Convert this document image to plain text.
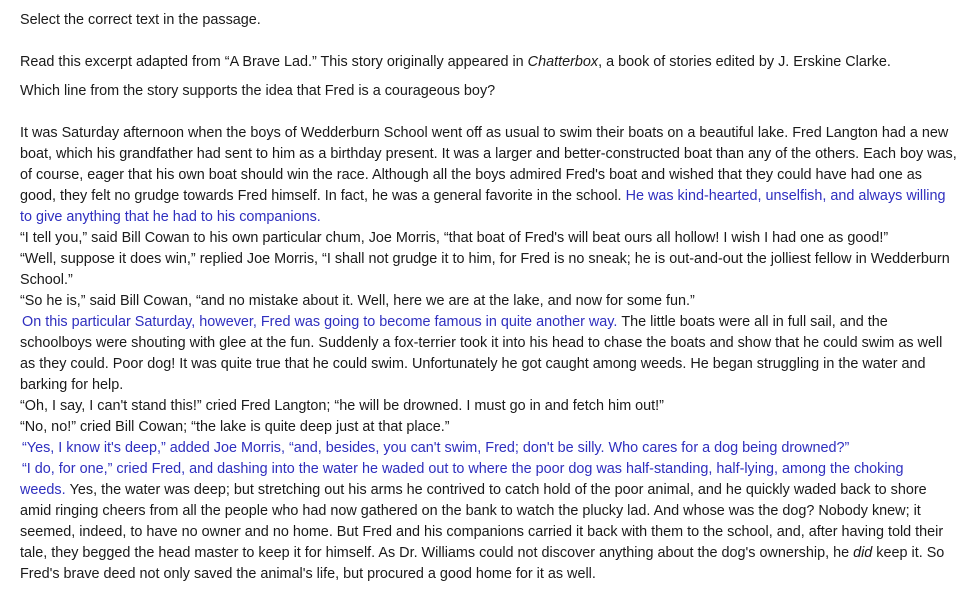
Select the correct text in the passage.

Read this excerpt adapted from “A Brave Lad.” This story originally appeared in Chatterbox, a book of stories edited by J. Erskine Clarke.

Which line from the story supports the idea that Fred is a courageous boy?

It was Saturday afternoon when the boys of Wedderburn School went off as usual to swim their boats on a beautiful lake. Fred Langton had a new boat, which his grandfather had sent to him as a birthday present. It was a larger and better-constructed boat than any of the others. Each boy was, of course, eager that his own boat should win the race. Although all the boys admired Fred's boat and wished that they could have had one as good, they felt no grudge towards Fred himself. In fact, he was a general favorite in the school. He was kind-hearted, unselfish, and always willing to give anything that he had to his companions.

“I tell you,” said Bill Cowan to his own particular chum, Joe Morris, “that boat of Fred's will beat ours all hollow! I wish I had one as good!”

“Well, suppose it does win,” replied Joe Morris, “I shall not grudge it to him, for Fred is no sneak; he is out-and-out the jolliest fellow in Wedderburn School.”

“So he is,” said Bill Cowan, “and no mistake about it. Well, here we are at the lake, and now for some fun.”

On this particular Saturday, however, Fred was going to become famous in quite another way. The little boats were all in full sail, and the schoolboys were shouting with glee at the fun. Suddenly a fox-terrier took it into his head to chase the boats and show that he could swim as well as they could. Poor dog! It was quite true that he could swim. Unfortunately he got caught among weeds. He began struggling in the water and barking for help.

“Oh, I say, I can't stand this!” cried Fred Langton; “he will be drowned. I must go in and fetch him out!”

“No, no!” cried Bill Cowan; “the lake is quite deep just at that place.”

“Yes, I know it's deep,” added Joe Morris, “and, besides, you can't swim, Fred; don't be silly. Who cares for a dog being drowned?”

“I do, for one,” cried Fred, and dashing into the water he waded out to where the poor dog was half-standing, half-lying, among the choking weeds. Yes, the water was deep; but stretching out his arms he contrived to catch hold of the poor animal, and he quickly waded back to shore amid ringing cheers from all the people who had now gathered on the bank to watch the plucky lad. And whose was the dog? Nobody knew; it seemed, indeed, to have no owner and no home. But Fred and his companions carried it back with them to the school, and, after having told their tale, they begged the head master to keep it for himself. As Dr. Williams could not discover anything about the dog's ownership, he did keep it. So Fred's brave deed not only saved the animal's life, but procured a good home for it as well.
